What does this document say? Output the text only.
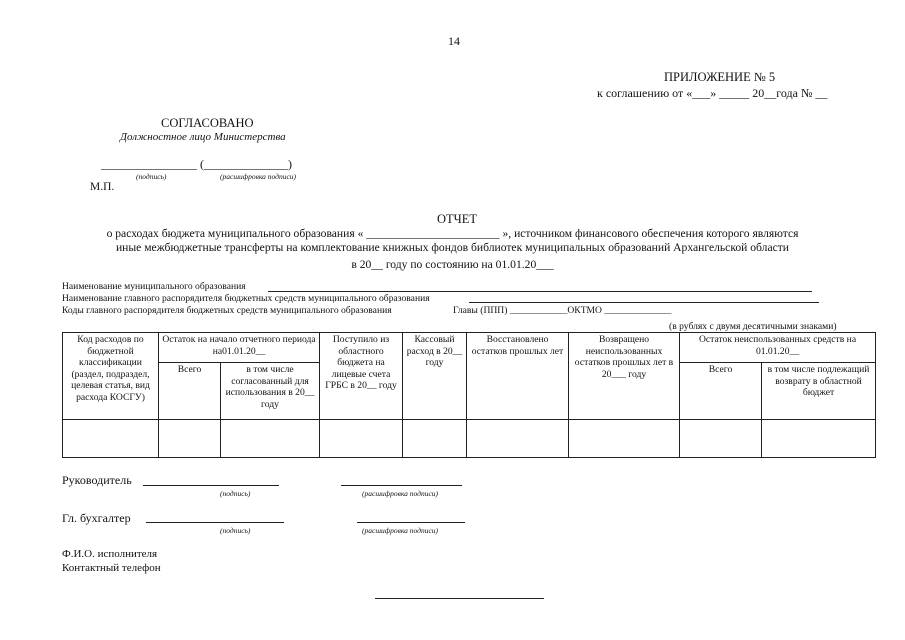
14
ПРИЛОЖЕНИЕ № 5
к соглашению от «___» _____ 20__года № __
СОГЛАСОВАНО
Должностное лицо Министерства
________________ (______________)
(подпись)	(расшифровка подписи)
М.П.
ОТЧЕТ
о расходах бюджета муниципального образования « _______________________ », источником финансового обеспечения которого являются
иные межбюджетные трансферты на комплектование книжных фондов библиотек муниципальных образований Архангельской области
в 20__ году по состоянию на 01.01.20___
Наименование муниципального образования
Наименование главного распорядителя бюджетных средств муниципального образования
Коды главного распорядителя бюджетных средств муниципального образования	Главы (ППП) ____________ОКТМО ______________
(в рублях с двумя десятичными знаками)
Код расходов по бюджетной классификации (раздел, подраздел, целевая статья, вид расхода КОСГУ)	Остаток на начало отчетного периода на01.01.20__		Поступило из областного бюджета на лицевые счета ГРБС в 20__ году	Кассовый расход в 20__ году	Восстановлено остатков прошлых лет	Возвращено неиспользованных остатков прошлых лет в 20___ году	Остаток неиспользованных средств на 01.01.20__	
	Всего	в том числе согласованный для использования в 20__ году					Всего	в том числе подлежащий возврату в областной бюджет

Руководитель
(подпись)	(расшифровка подписи)
Гл. бухгалтер
(подпись)	(расшифровка подписи)
Ф.И.О. исполнителя
Контактный телефон
